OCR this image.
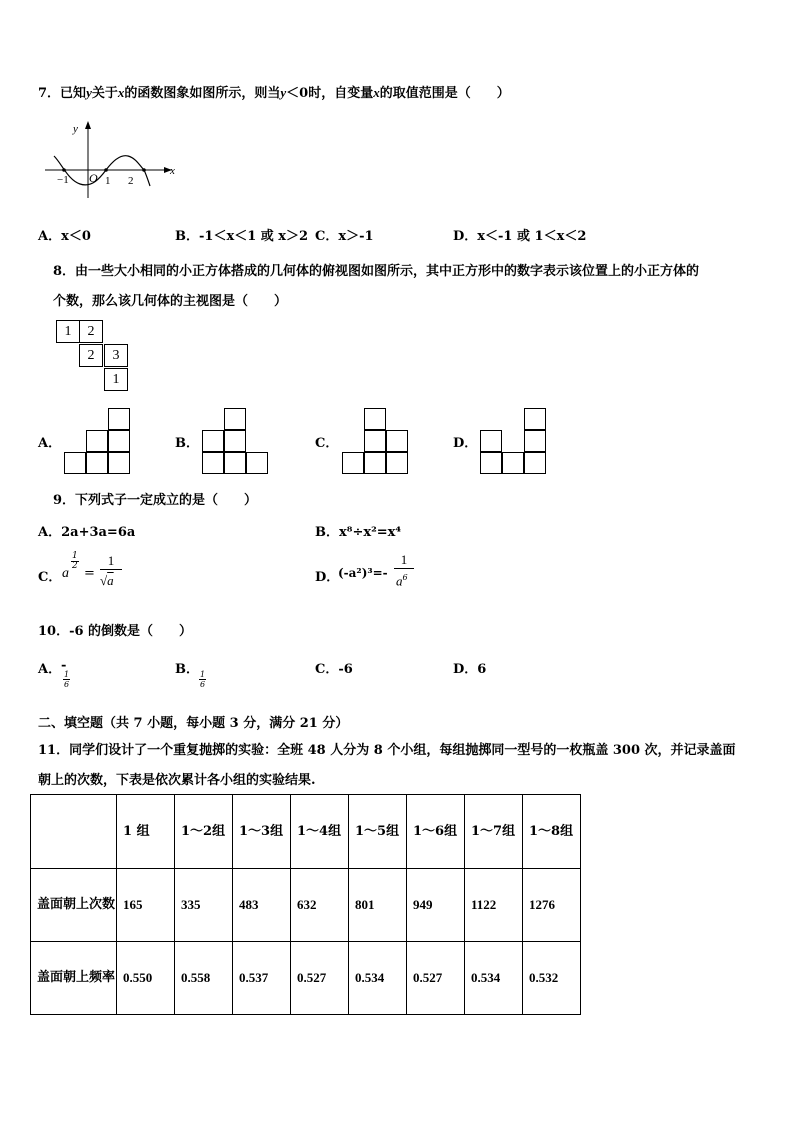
7．已知y关于x的函数图象如图所示，则当y＜0时，自变量x的取值范围是（　　）
y
x
−1 O 1 2
A．x＜0	B．-1＜x＜1 或 x＞2 C．x＞-1	D．x＜-1 或 1＜x＜2
8．由一些大小相同的小正方体搭成的几何体的俯视图如图所示，其中正方形中的数字表示该位置上的小正方体的
个数，那么该几何体的主视图是（　　）
1	2
2	3
1
A．	B．	C．	D．
9．下列式子一定成立的是（　　）
A．2a+3a=6a	B．x⁸÷x²=x⁴
C． a
$\frac{1}{2}$
=
1
√a	D．
(-a²)³=-
1
$a^6$
10．-6 的倒数是（　　）
A． -
$\frac{1}{6}$
B．
$\frac{1}{6}$
C．-6	D．6
二、填空题（共 7 小题，每小题 3 分，满分 21 分）
11．同学们设计了一个重复抛掷的实验：全班 48 人分为 8 个小组，每组抛掷同一型号的一枚瓶盖 300 次，并记录盖面
朝上的次数，下表是依次累计各小组的实验结果.
	1 组	1～2组	1～3组	1～4组	1～5组	1～6组	1～7组	1～8组
盖面朝上次数	165	335	483	632	801	949	1122	1276
盖面朝上频率	0.550	0.558	0.537	0.527	0.534	0.527	0.534	0.532
